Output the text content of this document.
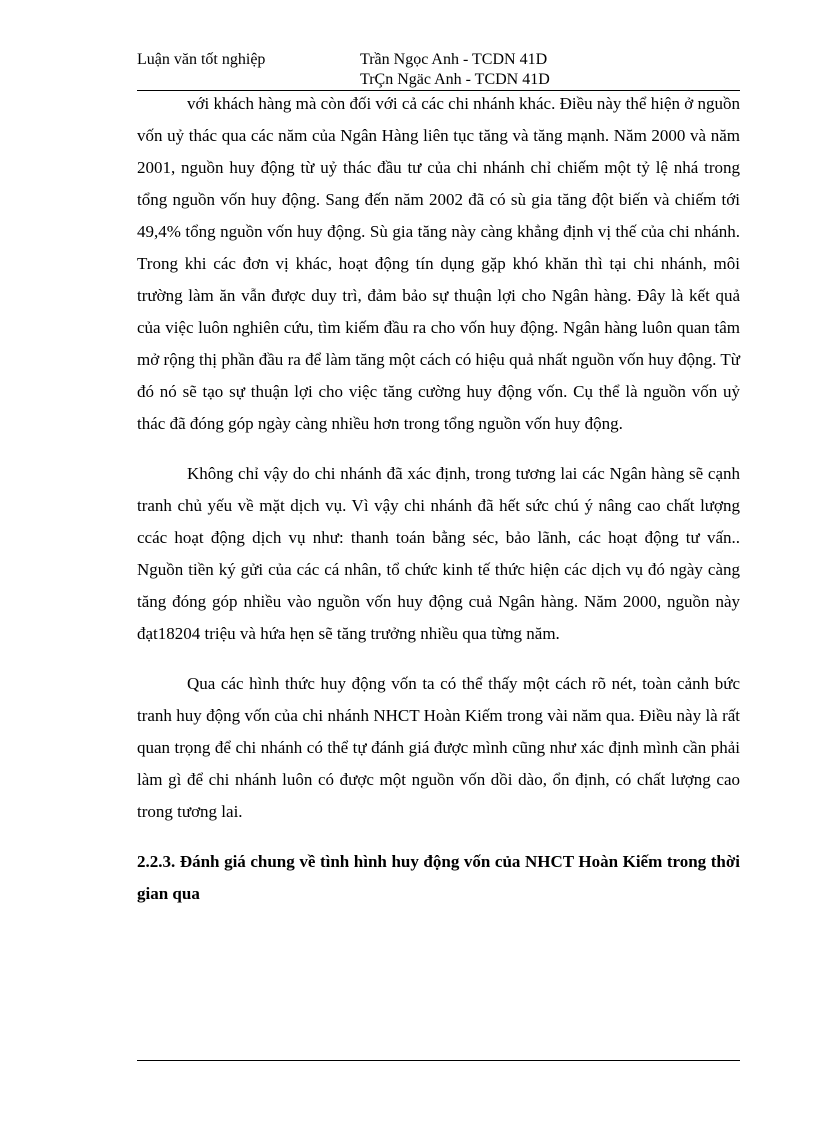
Luận văn tốt nghiệp	Trần Ngọc Anh - TCDN 41D
TrÇn Ngäc Anh - TCDN 41D

với khách hàng mà còn đối với cả các chi nhánh khác. Điều này thể hiện ở nguồn vốn uỷ thác qua các năm của Ngân Hàng liên tục tăng và tăng mạnh. Năm 2000 và năm 2001, nguồn huy động từ uỷ thác đầu tư của chi nhánh chỉ chiếm một tỷ lệ nhá trong tổng nguồn vốn huy động. Sang đến năm 2002 đã có sù gia tăng đột biến và chiếm tới 49,4% tổng nguồn vốn huy động. Sù gia tăng này càng khẳng định vị thế của chi nhánh. Trong khi các đơn vị khác, hoạt động tín dụng gặp khó khăn thì tại chi nhánh, môi trường làm ăn vẫn được duy trì, đảm bảo sự thuận lợi cho Ngân hàng. Đây là kết quả của việc luôn nghiên cứu, tìm kiếm đầu ra cho vốn huy động. Ngân hàng luôn quan tâm mở rộng thị phần đầu ra để làm tăng một cách có hiệu quả nhất nguồn vốn huy động. Từ đó nó sẽ tạo sự thuận lợi cho việc tăng cường huy động vốn. Cụ thể là nguồn vốn uỷ thác đã đóng góp ngày càng nhiều hơn trong tổng nguồn vốn huy động.

Không chỉ vậy do chi nhánh đã xác định, trong tương lai các Ngân hàng sẽ cạnh tranh chủ yếu về mặt dịch vụ. Vì vậy chi nhánh đã hết sức chú ý nâng cao chất lượng ccác hoạt động dịch vụ như: thanh toán bằng séc, bảo lãnh, các hoạt động tư vấn.. Nguồn tiền ký gửi của các cá nhân, tổ chức kinh tế thức hiện các dịch vụ đó ngày càng tăng đóng góp nhiều vào nguồn vốn huy động cuả Ngân hàng. Năm 2000, nguồn này đạt18204 triệu và hứa hẹn sẽ tăng trưởng nhiều qua từng năm.

Qua các hình thức huy động vốn ta có thể thấy một cách rõ nét, toàn cảnh bức tranh huy động vốn của chi nhánh NHCT Hoàn Kiếm trong vài năm qua. Điều này là rất quan trọng để chi nhánh có thể tự đánh giá được mình cũng như xác định mình cần phải làm gì để chi nhánh luôn có được một nguồn vốn dồi dào, ổn định, có chất lượng cao trong tương lai.

2.2.3. Đánh giá chung về tình hình huy động vốn của NHCT Hoàn Kiếm trong thời gian qua
